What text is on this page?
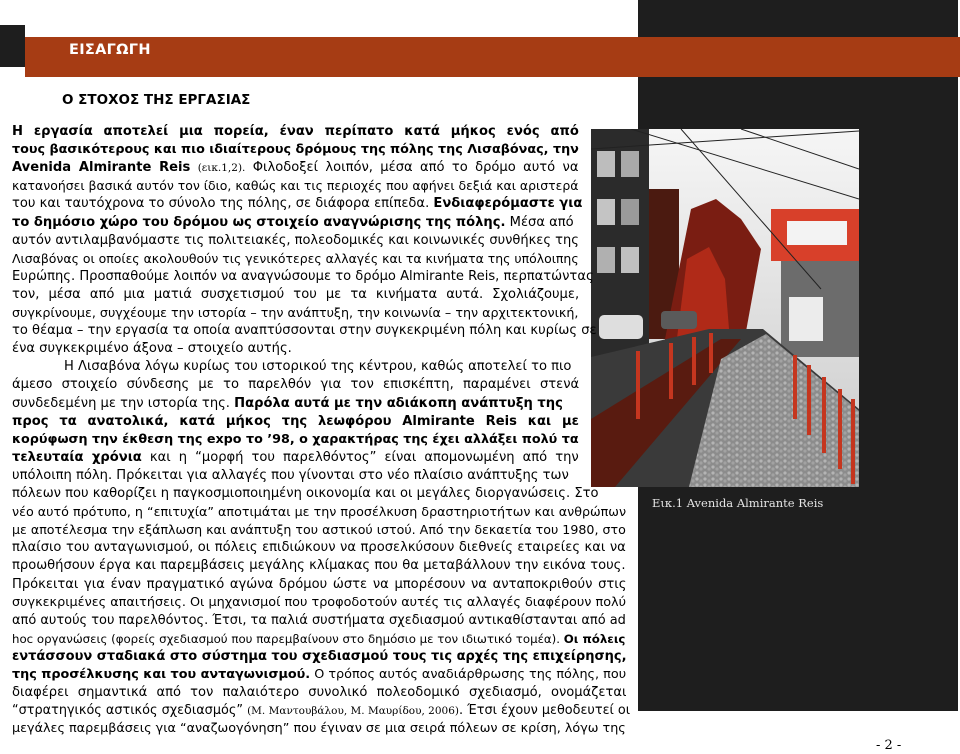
ΕΙΣΑΓΩΓΗ
Ο ΣΤΟΧΟΣ ΤΗΣ ΕΡΓΑΣΙΑΣ
Εικ.1 Avenida Almirante Reis
Η εργασία αποτελεί μια πορεία, έναν περίπατο κατά μήκος ενός από
τους βασικότερους και πιο ιδιαίτερους δρόμους της πόλης της Λισαβόνας, την
Avenida Almirante Reis (εικ.1,2). Φιλοδοξεί λοιπόν, μέσα από το δρόμο αυτό να
κατανοήσει βασικά αυτόν τον ίδιο, καθώς και τις περιοχές που αφήνει δεξιά και αριστερά
του και ταυτόχρονα το σύνολο της πόλης, σε διάφορα επίπεδα. Ενδιαφερόμαστε για
το δημόσιο χώρο του δρόμου ως στοιχείο αναγνώρισης της πόλης. Μέσα από
αυτόν αντιλαμβανόμαστε τις πολιτειακές, πολεοδομικές και κοινωνικές συνθήκες της
Λισαβόνας οι οποίες ακολουθούν τις γενικότερες αλλαγές και τα κινήματα της υπόλοιπης
Ευρώπης. Προσπαθούμε λοιπόν να αναγνώσουμε το δρόμο Almirante Reis, περπατώντας
τον, μέσα από μια ματιά συσχετισμού του με τα κινήματα αυτά. Σχολιάζουμε,
συγκρίνουμε, συγχέουμε την ιστορία – την ανάπτυξη, την κοινωνία – την αρχιτεκτονική,
το θέαμα – την εργασία τα οποία αναπτύσσονται στην συγκεκριμένη πόλη και κυρίως σε
ένα συγκεκριμένο άξονα – στοιχείο αυτής.
Η Λισαβόνα λόγω κυρίως του ιστορικού της κέντρου, καθώς αποτελεί το πιο
άμεσο στοιχείο σύνδεσης με το παρελθόν για τον επισκέπτη, παραμένει στενά
συνδεδεμένη με την ιστορία της. Παρόλα αυτά με την αδιάκοπη ανάπτυξη της
προς τα ανατολικά, κατά μήκος της λεωφόρου Almirante Reis και με
κορύφωση την έκθεση της expo το ’98, ο χαρακτήρας της έχει αλλάξει πολύ τα
τελευταία χρόνια και η “μορφή του παρελθόντος” είναι απομονωμένη από την
υπόλοιπη πόλη. Πρόκειται για αλλαγές που γίνονται στο νέο πλαίσιο ανάπτυξης των
πόλεων που καθορίζει η παγκοσμιοποιημένη οικονομία και οι μεγάλες διοργανώσεις. Στο
νέο αυτό πρότυπο, η “επιτυχία” αποτιμάται με την προσέλκυση δραστηριοτήτων και ανθρώπων
με αποτέλεσμα την εξάπλωση και ανάπτυξη του αστικού ιστού. Από την δεκαετία του 1980, στο
πλαίσιο του ανταγωνισμού, οι πόλεις επιδιώκουν να προσελκύσουν διεθνείς εταιρείες και να
προωθήσουν έργα και παρεμβάσεις μεγάλης κλίμακας που θα μεταβάλλουν την εικόνα τους.
Πρόκειται για έναν πραγματικό αγώνα δρόμου ώστε να μπορέσουν να ανταποκριθούν στις
συγκεκριμένες απαιτήσεις. Οι μηχανισμοί που τροφοδοτούν αυτές τις αλλαγές διαφέρουν πολύ
από αυτούς του παρελθόντος. Έτσι, τα παλιά συστήματα σχεδιασμού αντικαθίστανται από ad
hoc οργανώσεις (φορείς σχεδιασμού που παρεμβαίνουν στο δημόσιο με τον ιδιωτικό τομέα). Οι πόλεις
εντάσσουν σταδιακά στο σύστημα του σχεδιασμού τους τις αρχές της επιχείρησης,
της προσέλκυσης και του ανταγωνισμού. Ο τρόπος αυτός αναδιάρθρωσης της πόλης, που
διαφέρει σημαντικά από τον παλαιότερο συνολικό πολεοδομικό σχεδιασμό, ονομάζεται
“στρατηγικός αστικός σχεδιασμός” (Μ. Μαντουβάλου, Μ. Μαυρίδου, 2006). Έτσι έχουν μεθοδευτεί οι
μεγάλες παρεμβάσεις για “αναζωογόνηση” που έγιναν σε μια σειρά πόλεων σε κρίση, λόγω της
- 2 -
